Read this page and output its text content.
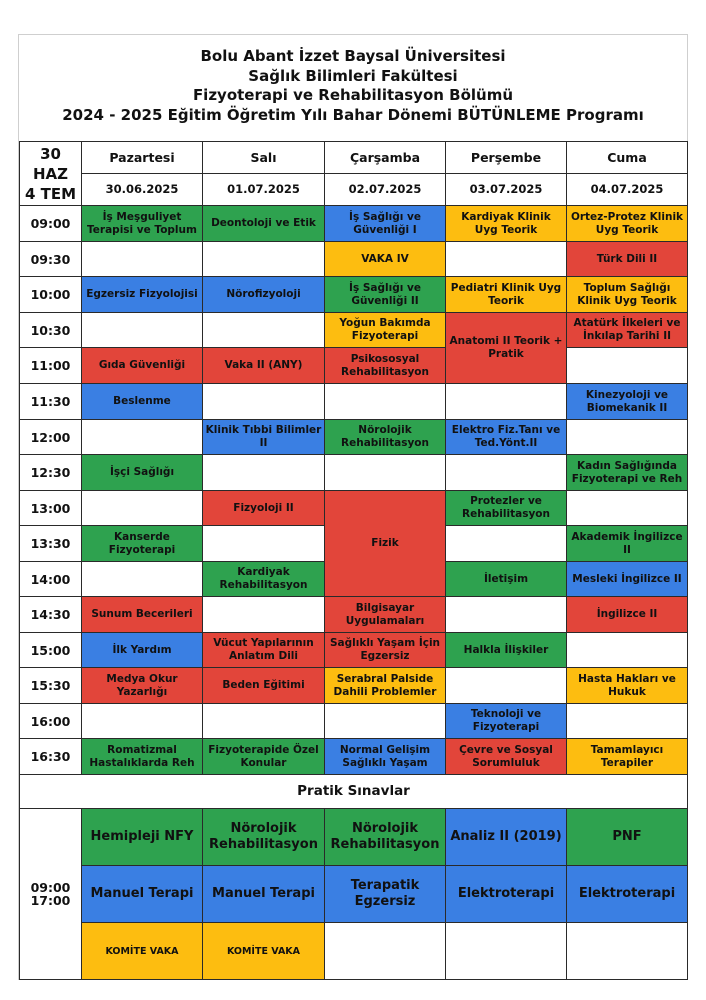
Bolu Abant İzzet Baysal Üniversitesi
Sağlık Bilimleri Fakültesi
Fizyoterapi ve Rehabilitasyon Bölümü
2024 - 2025 Eğitim Öğretim Yılı Bahar Dönemi BÜTÜNLEME Programı
30 HAZ
4 TEM	Pazartesi	Salı	Çarşamba	Perşembe	Cuma
	30.06.2025	01.07.2025	02.07.2025	03.07.2025	04.07.2025
09:00	İş Meşguliyet Terapisi ve Toplum	Deontoloji ve Etik	İş Sağlığı ve Güvenliği I	Kardiyak Klinik Uyg Teorik	Ortez-Protez Klinik Uyg Teorik
09:30			VAKA IV		Türk Dili II
10:00	Egzersiz Fizyolojisi	Nörofizyoloji	İş Sağlığı ve Güvenliği II	Pediatri Klinik Uyg Teorik	Toplum Sağlığı Klinik Uyg Teorik
10:30			Yoğun Bakımda Fizyoterapi	Anatomi II Teorik + Pratik	Atatürk İlkeleri ve İnkılap Tarihi II
11:00	Gıda Güvenliği	Vaka II (ANY)	Psikososyal Rehabilitasyon		
11:30	Beslenme				Kinezyoloji ve Biomekanik II
12:00		Klinik Tıbbi Bilimler II	Nörolojik Rehabilitasyon	Elektro Fiz.Tanı ve Ted.Yönt.II	
12:30	İşçi Sağlığı				Kadın Sağlığında Fizyoterapi ve Reh
13:00		Fizyoloji II	Fizik	Protezler ve Rehabilitasyon	
13:30	Kanserde Fizyoterapi				Akademik İngilizce II
14:00		Kardiyak Rehabilitasyon		İletişim	Mesleki İngilizce II
14:30	Sunum Becerileri		Bilgisayar Uygulamaları		İngilizce II
15:00	İlk Yardım	Vücut Yapılarının Anlatım Dili	Sağlıklı Yaşam İçin Egzersiz	Halkla İlişkiler	
15:30	Medya Okur Yazarlığı	Beden Eğitimi	Serabral Palside Dahili Problemler		Hasta Hakları ve Hukuk
16:00				Teknoloji ve Fizyoterapi	
16:30	Romatizmal Hastalıklarda Reh	Fizyoterapide Özel Konular	Normal Gelişim Sağlıklı Yaşam	Çevre ve Sosyal Sorumluluk	Tamamlayıcı Terapiler
Pratik Sınavlar					

09:00
17:00	Hemipleji NFY	Nörolojik Rehabilitasyon	Nörolojik Rehabilitasyon	Analiz II (2019)	PNF
	Manuel Terapi	Manuel Terapi	Terapatik Egzersiz	Elektroterapi	Elektroterapi
	KOMİTE VAKA	KOMİTE VAKA			
